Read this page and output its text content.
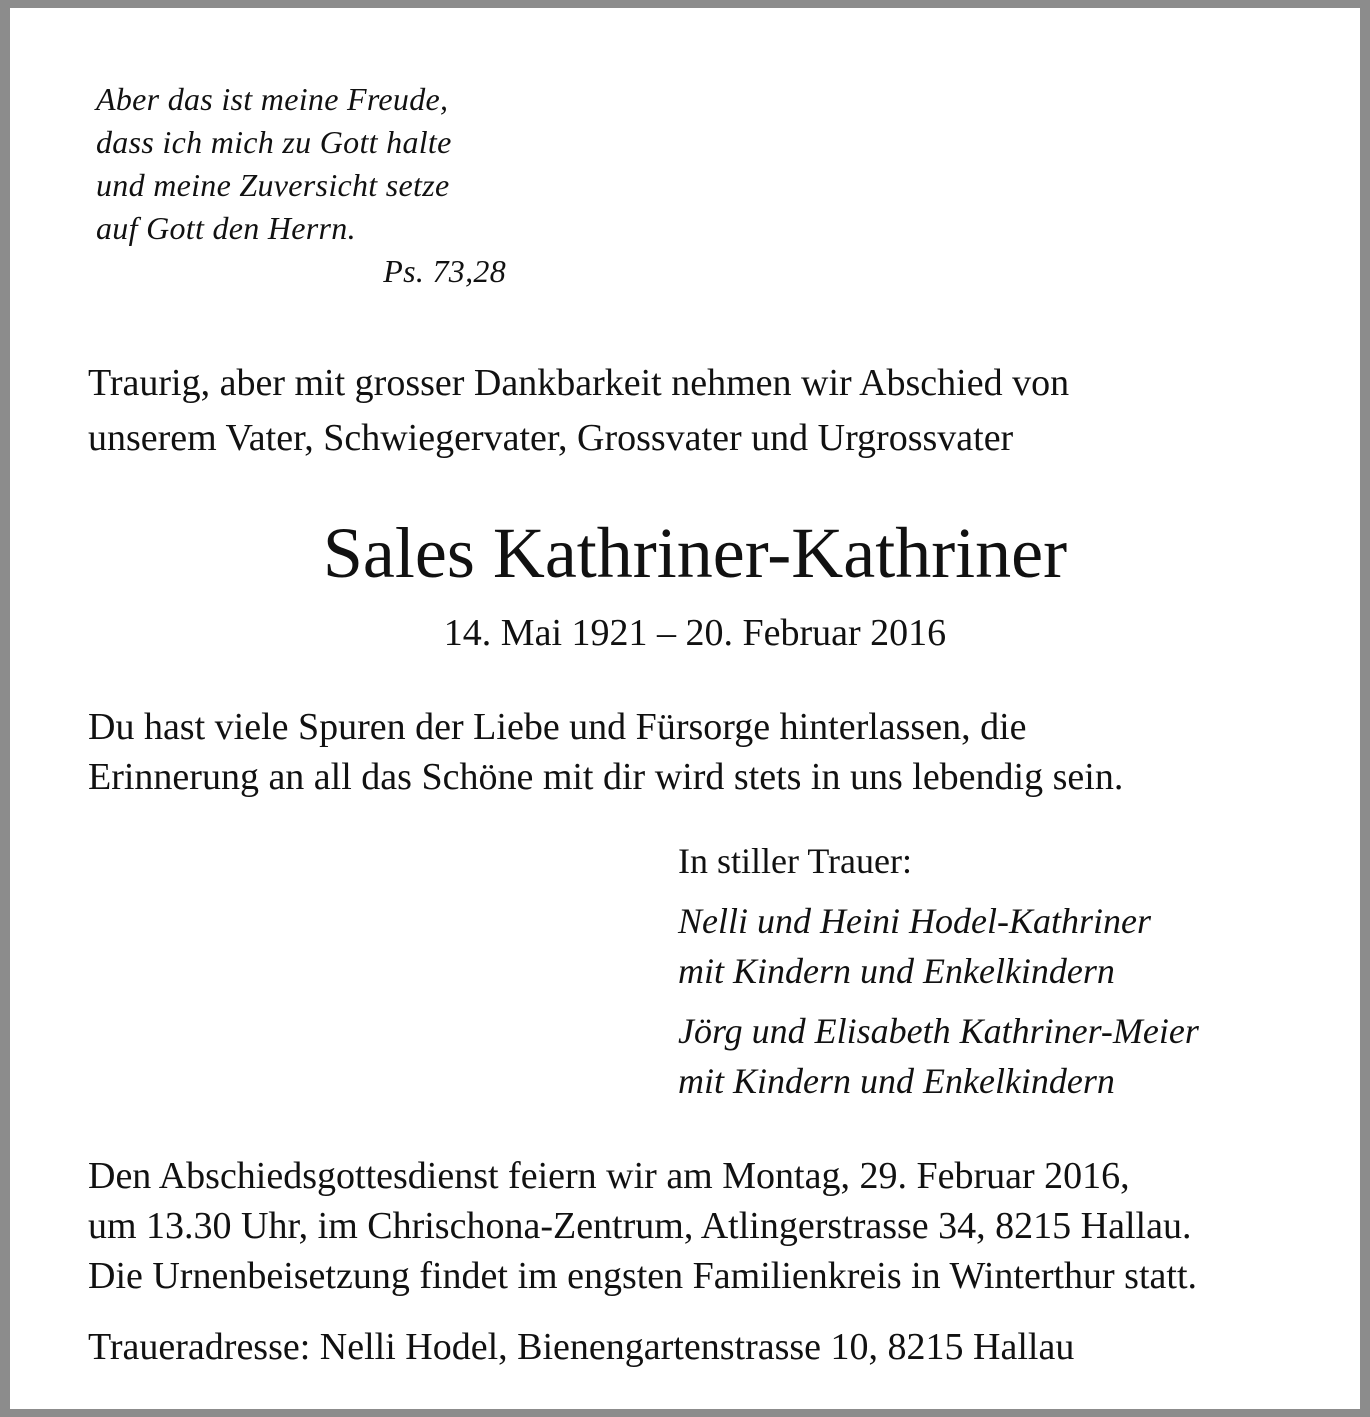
Aber das ist meine Freude,
dass ich mich zu Gott halte
und meine Zuversicht setze
auf Gott den Herrn.
Ps. 73,28
Traurig, aber mit grosser Dankbarkeit nehmen wir Abschied von
unserem Vater, Schwiegervater, Grossvater und Urgrossvater
Sales Kathriner-Kathriner
14. Mai 1921 – 20. Februar 2016
Du hast viele Spuren der Liebe und Fürsorge hinterlassen, die
Erinnerung an all das Schöne mit dir wird stets in uns lebendig sein.
In stiller Trauer:
Nelli und Heini Hodel-Kathriner
mit Kindern und Enkelkindern
Jörg und Elisabeth Kathriner-Meier
mit Kindern und Enkelkindern
Den Abschiedsgottesdienst feiern wir am Montag, 29. Februar 2016,
um 13.30 Uhr, im Chrischona-Zentrum, Atlingerstrasse 34, 8215 Hallau.
Die Urnenbeisetzung findet im engsten Familienkreis in Winterthur statt.
Traueradresse: Nelli Hodel, Bienengartenstrasse 10, 8215 Hallau
